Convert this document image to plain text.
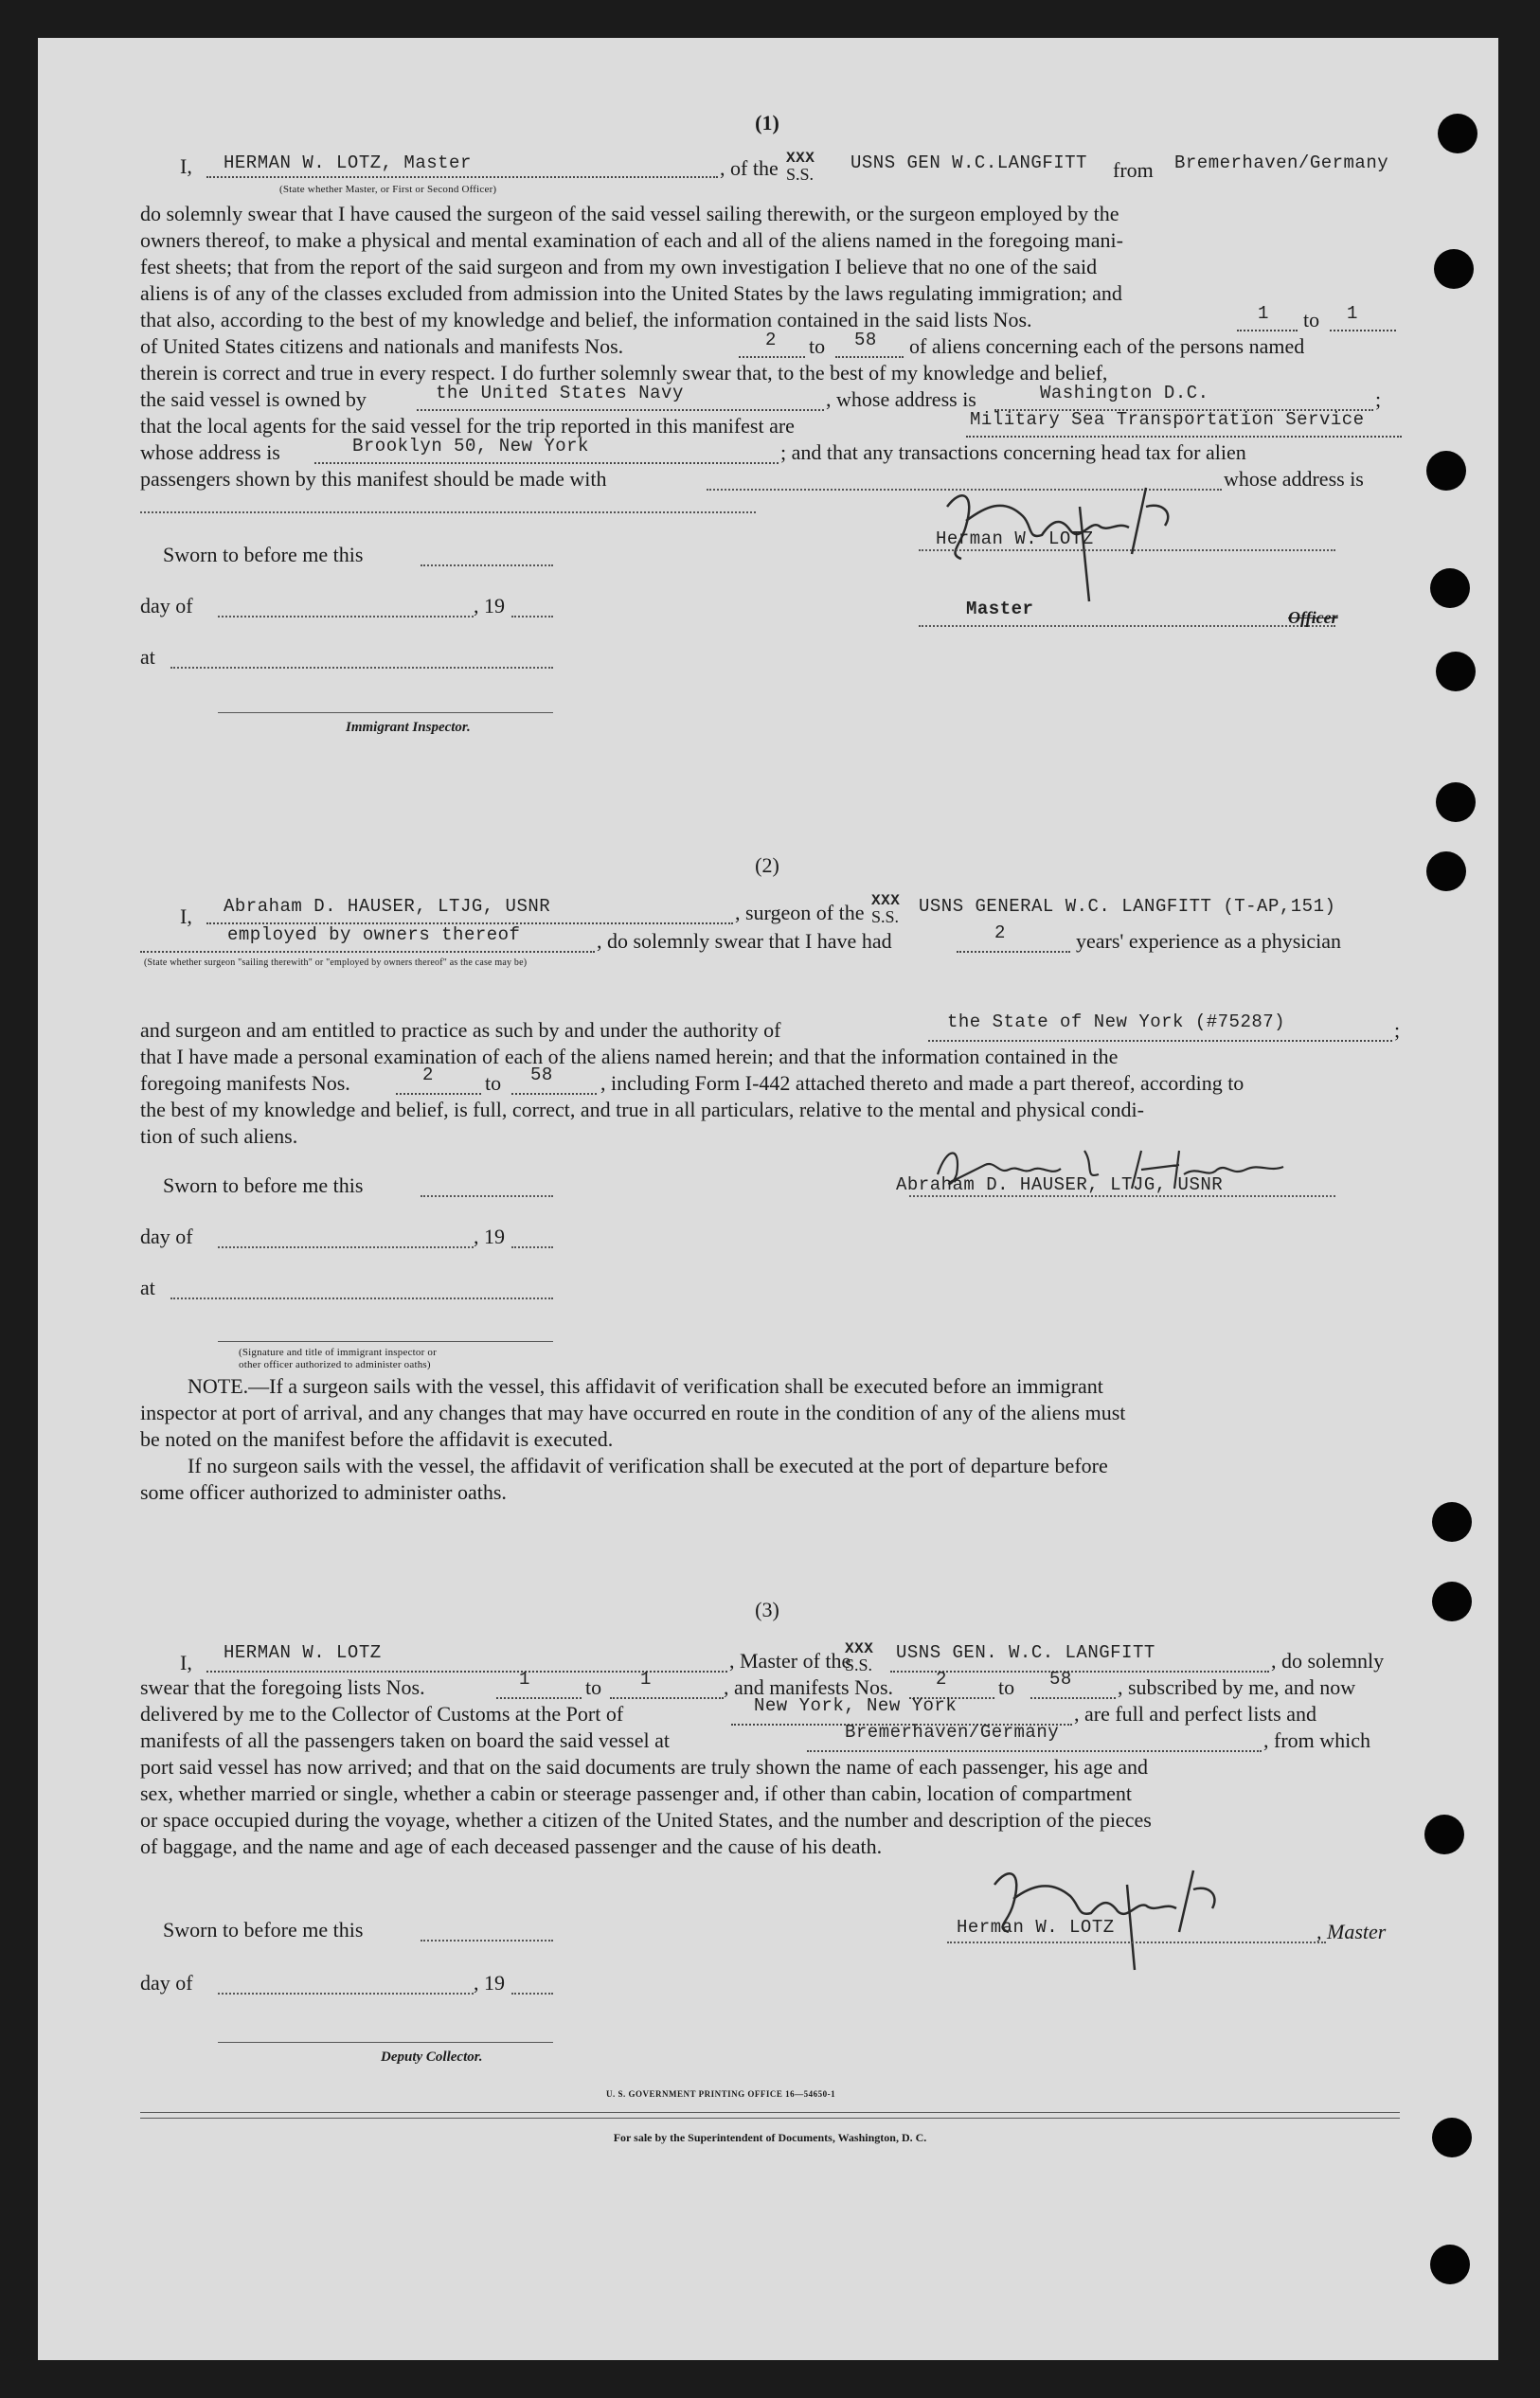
(1)
I, HERMAN W. LOTZ, Master
(State whether Master, or First or Second Officer)
, of the XXX
S.S.
USNS GEN W.C.LANGFITT from Bremerhaven/Germany
do solemnly swear that I have caused the surgeon of the said vessel sailing therewith, or the surgeon employed by the
owners thereof, to make a physical and mental examination of each and all of the aliens named in the foregoing mani-
fest sheets; that from the report of the said surgeon and from my own investigation I believe that no one of the said
aliens is of any of the classes excluded from admission into the United States by the laws regulating immigration; and
that also, according to the best of my knowledge and belief, the information contained in the said lists Nos.	1 to 1
of United States citizens and nationals and manifests Nos.	2 to 58 of aliens concerning each of the persons named
therein is correct and true in every respect. I do further solemnly swear that, to the best of my knowledge and belief,
the said vessel is owned by	the United States Navy	, whose address is	Washington D.C.	;
that the local agents for the said vessel for the trip reported in this manifest are	Military Sea Transportation Service
whose address is	Brooklyn 50, New York	; and that any transactions concerning head tax for alien
passengers shown by this manifest should be made with	whose address is
Sworn to before me this
day of	, 19
at
Immigrant Inspector.
Herman W. LOTZ
Master	Officer
(2)
I, Abraham D. HAUSER, LTJG, USNR	, surgeon of the XXX
S.S. USNS GENERAL W.C. LANGFITT (T-AP,151)
employed by owners thereof	, do solemnly swear that I have had	2	years' experience as a physician
(State whether surgeon "sailing therewith" or "employed by owners thereof" as the case may be)
and surgeon and am entitled to practice as such by and under the authority of	the State of New York (#75287)	;
that I have made a personal examination of each of the aliens named herein; and that the information contained in the
foregoing manifests Nos.	2 to 58 , including Form I-442 attached thereto and made a part thereof, according to
the best of my knowledge and belief, is full, correct, and true in all particulars, relative to the mental and physical condi-
tion of such aliens.
Sworn to before me this
day of	, 19
at
(Signature and title of immigrant inspector or
other officer authorized to administer oaths)
Abraham D. HAUSER, LTJG, USNR
NOTE.—If a surgeon sails with the vessel, this affidavit of verification shall be executed before an immigrant
inspector at port of arrival, and any changes that may have occurred en route in the condition of any of the aliens must
be noted on the manifest before the affidavit is executed.
If no surgeon sails with the vessel, the affidavit of verification shall be executed at the port of departure before
some officer authorized to administer oaths.
(3)
I, HERMAN W. LOTZ	, Master of the
XXX
S.S.
USNS GEN. W.C. LANGFITT	, do solemnly
swear that the foregoing lists Nos.	1	to 1	, and manifests Nos. 2 to 58 , subscribed by me, and now
delivered by me to the Collector of Customs at the Port of	New York, New York	, are full and perfect lists and
manifests of all the passengers taken on board the said vessel at	Bremerhaven/Germany	, from which
port said vessel has now arrived; and that on the said documents are truly shown the name of each passenger, his age and
sex, whether married or single, whether a cabin or steerage passenger and, if other than cabin, location of compartment
or space occupied during the voyage, whether a citizen of the United States, and the number and description of the pieces
of baggage, and the name and age of each deceased passenger and the cause of his death.
Sworn to before me this
day of	, 19
Deputy Collector.
Herman W. LOTZ	, Master
U. S. GOVERNMENT PRINTING OFFICE 16—54650-1
For sale by the Superintendent of Documents, Washington, D. C.
